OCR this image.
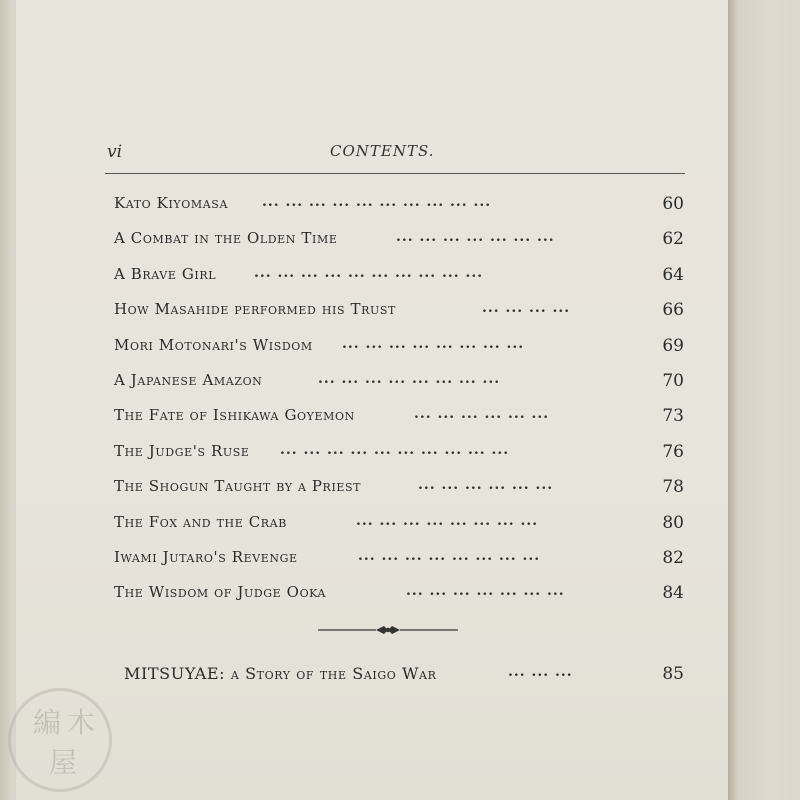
vi	CONTENTS.
Kato Kiyomasa ... ... ... ... ... ... ... ... ... ...	60
A Combat in the Olden Time	... ... ... ... ... ... ...	62
A Brave Girl	... ... ... ... ... ... ... ... ... ...	64
How Masahide performed his Trust	... ... ... ...	66
Mori Motonari's Wisdom ... ... ... ... ... ... ... ...	69
A Japanese Amazon	... ... ... ... ... ... ... ...	70
The Fate of Ishikawa Goyemon	... ... ... ... ... ...	73
The Judge's Ruse ... ... ... ... ... ... ... ... ... ...	76
The Shogun Taught by a Priest	... ... ... ... ... ...	78
The Fox and the Crab	... ... ... ... ... ... ... ...	80
Iwami Jutaro's Revenge	... ... ... ... ... ... ... ...	82
The Wisdom of Judge Ooka	... ... ... ... ... ... ...	84
MITSUYAE: a Story of the Saigo War	... ... ...	85
編 木
屋
